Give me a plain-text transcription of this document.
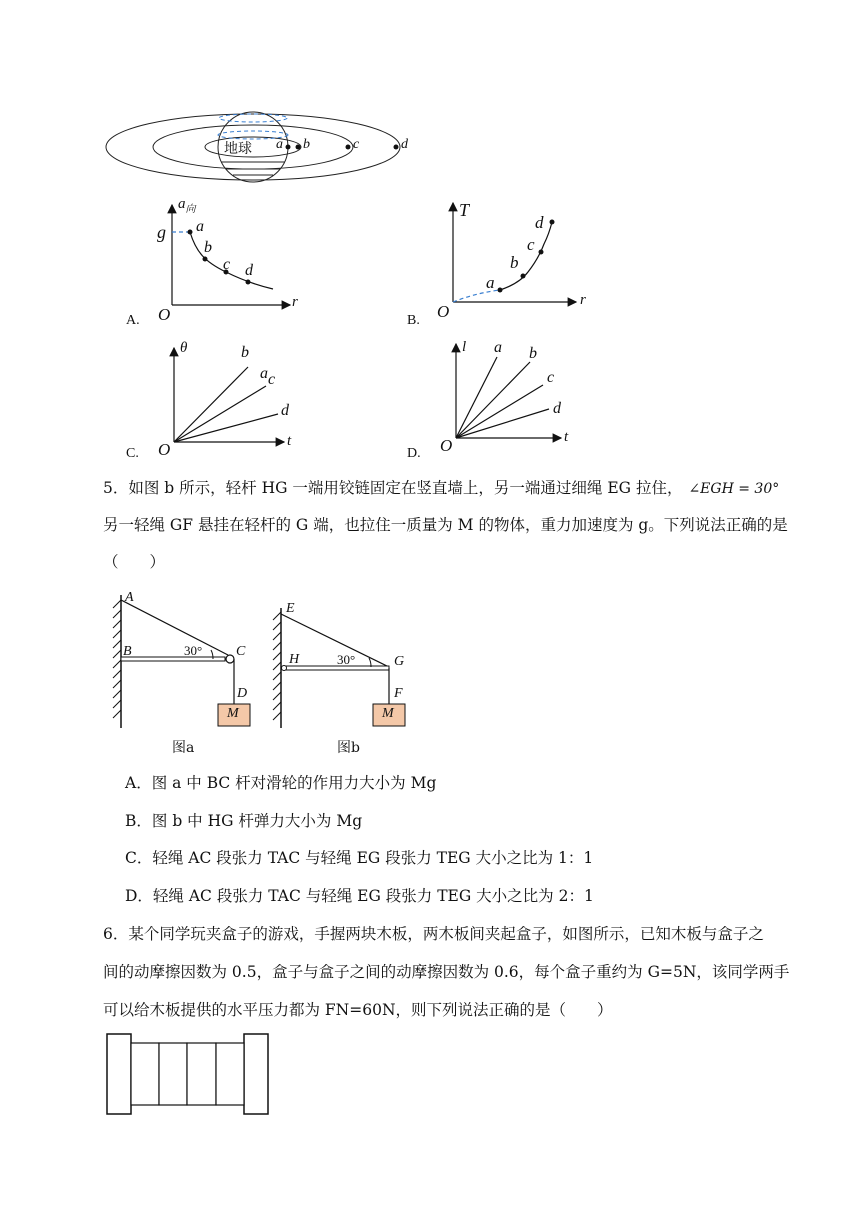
地球 a b	c	d
A.
$a_向$
g
O
r
a
b
c d
B.
T
O
r
a
b
c
d
C.
θ
O	t
b
a c
d
D.
l
O	t
a b
c
d
5．如图 b 所示，轻杆 HG 一端用铰链固定在竖直墙上，另一端通过细绳 EG 拉住， ∠EGH = 30°
另一轻绳 GF 悬挂在轻杆的 G 端，也拉住一质量为 M 的物体，重力加速度为 g。下列说法正确的是
（　　）
A
B	C
D
30°
M
图a
E
H	G
F
30°
M
图b
A．图 a 中 BC 杆对滑轮的作用力大小为 Mg
B．图 b 中 HG 杆弹力大小为 Mg
C．轻绳 AC 段张力 TAC 与轻绳 EG 段张力 TEG 大小之比为 1：1
D．轻绳 AC 段张力 TAC 与轻绳 EG 段张力 TEG 大小之比为 2：1
6．某个同学玩夹盒子的游戏，手握两块木板，两木板间夹起盒子，如图所示，已知木板与盒子之
间的动摩擦因数为 0.5，盒子与盒子之间的动摩擦因数为 0.6，每个盒子重约为 G=5N，该同学两手
可以给木板提供的水平压力都为 FN=60N，则下列说法正确的是（　　）
